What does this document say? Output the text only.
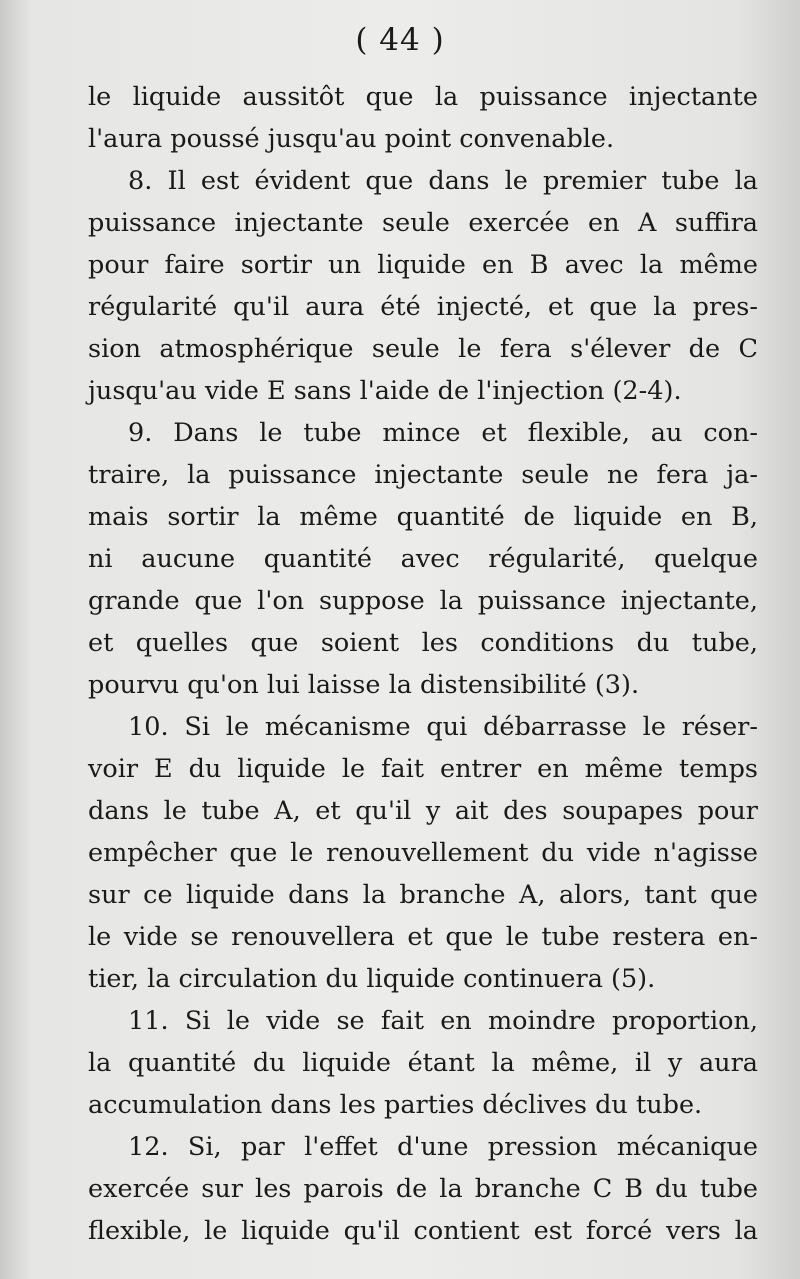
( 44 )
le liquide aussitôt que la puissance injectante
l'aura poussé jusqu'au point convenable.
8. Il est évident que dans le premier tube la
puissance injectante seule exercée en A suffira
pour faire sortir un liquide en B avec la même
régularité qu'il aura été injecté, et que la pres-
sion atmosphérique seule le fera s'élever de C
jusqu'au vide E sans l'aide de l'injection (2-4).
9. Dans le tube mince et flexible, au con-
traire, la puissance injectante seule ne fera ja-
mais sortir la même quantité de liquide en B,
ni aucune quantité avec régularité, quelque
grande que l'on suppose la puissance injectante,
et quelles que soient les conditions du tube,
pourvu qu'on lui laisse la distensibilité (3).
10. Si le mécanisme qui débarrasse le réser-
voir E du liquide le fait entrer en même temps
dans le tube A, et qu'il y ait des soupapes pour
empêcher que le renouvellement du vide n'agisse
sur ce liquide dans la branche A, alors, tant que
le vide se renouvellera et que le tube restera en-
tier, la circulation du liquide continuera (5).
11. Si le vide se fait en moindre proportion,
la quantité du liquide étant la même, il y aura
accumulation dans les parties déclives du tube.
12. Si, par l'effet d'une pression mécanique
exercée sur les parois de la branche C B du tube
flexible, le liquide qu'il contient est forcé vers la
